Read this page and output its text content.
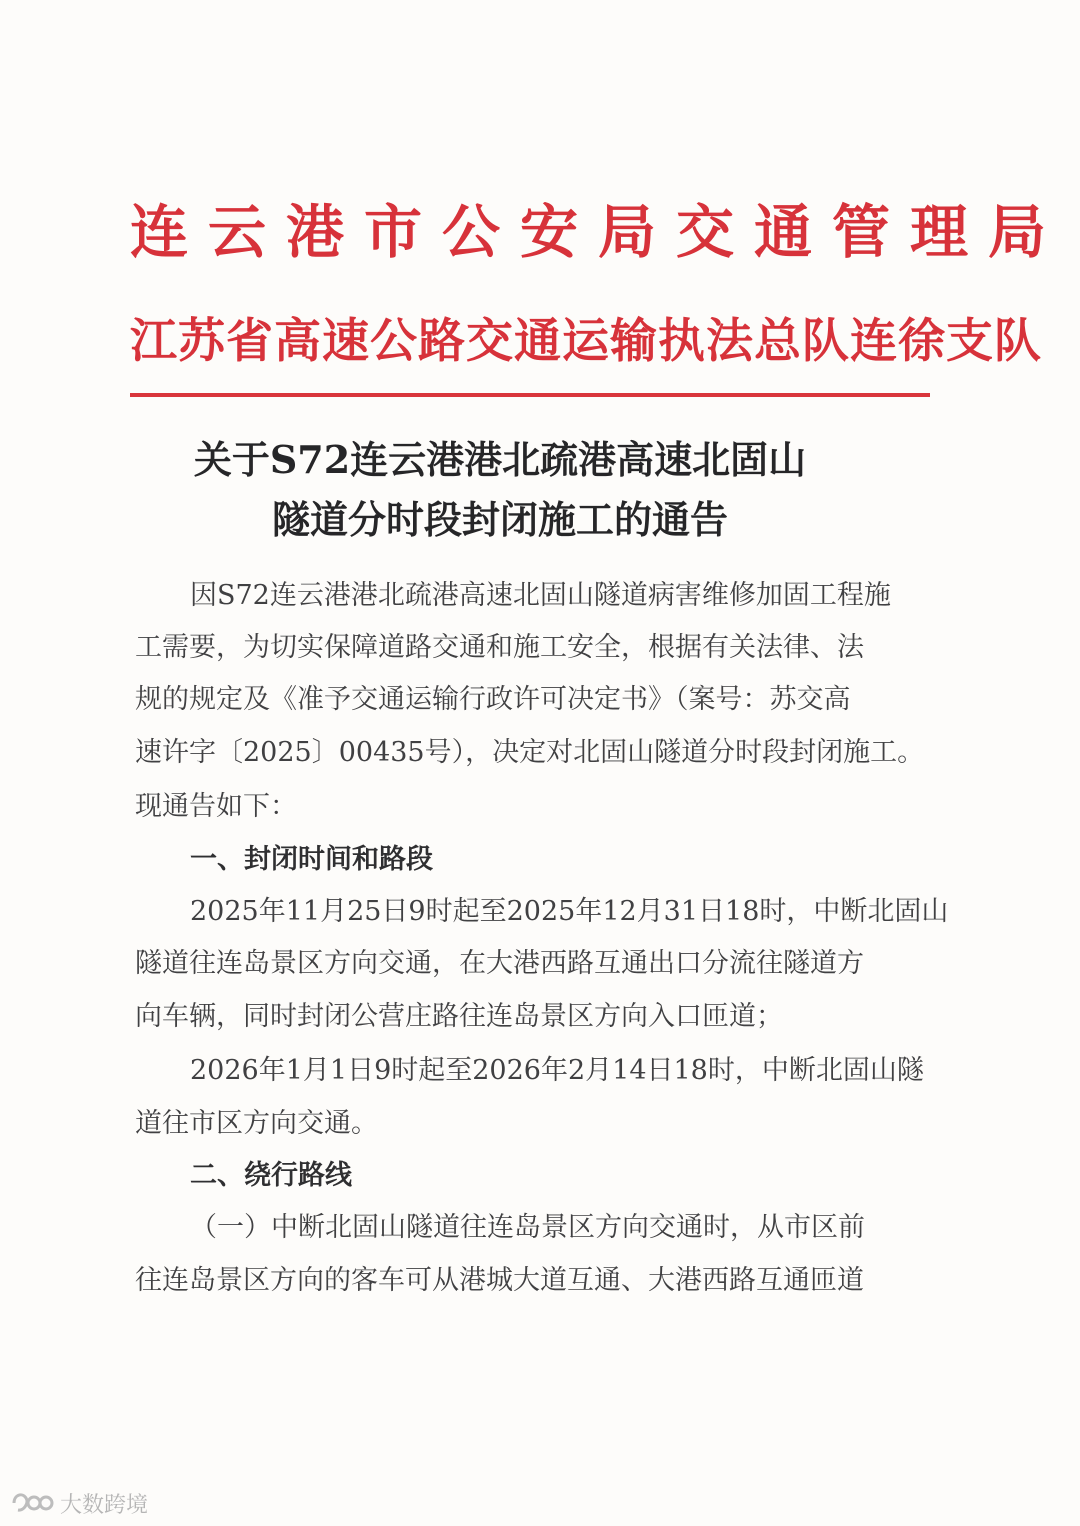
连云港市公安局交通管理局
江苏省高速公路交通运输执法总队连徐支队
关于S72连云港港北疏港高速北固山
隧道分时段封闭施工的通告
因S72连云港港北疏港高速北固山隧道病害维修加固工程施
工需要，为切实保障道路交通和施工安全，根据有关法律、法
规的规定及《准予交通运输行政许可决定书》（案号：苏交高
速许字〔2025〕00435号），决定对北固山隧道分时段封闭施工。
现通告如下：
一、封闭时间和路段
2025年11月25日9时起至2025年12月31日18时，中断北固山
隧道往连岛景区方向交通，在大港西路互通出口分流往隧道方
向车辆，同时封闭公营庄路往连岛景区方向入口匝道；
2026年1月1日9时起至2026年2月14日18时，中断北固山隧
道往市区方向交通。
二、绕行路线
（一）中断北固山隧道往连岛景区方向交通时，从市区前
往连岛景区方向的客车可从港城大道互通、大港西路互通匝道
大数跨境
